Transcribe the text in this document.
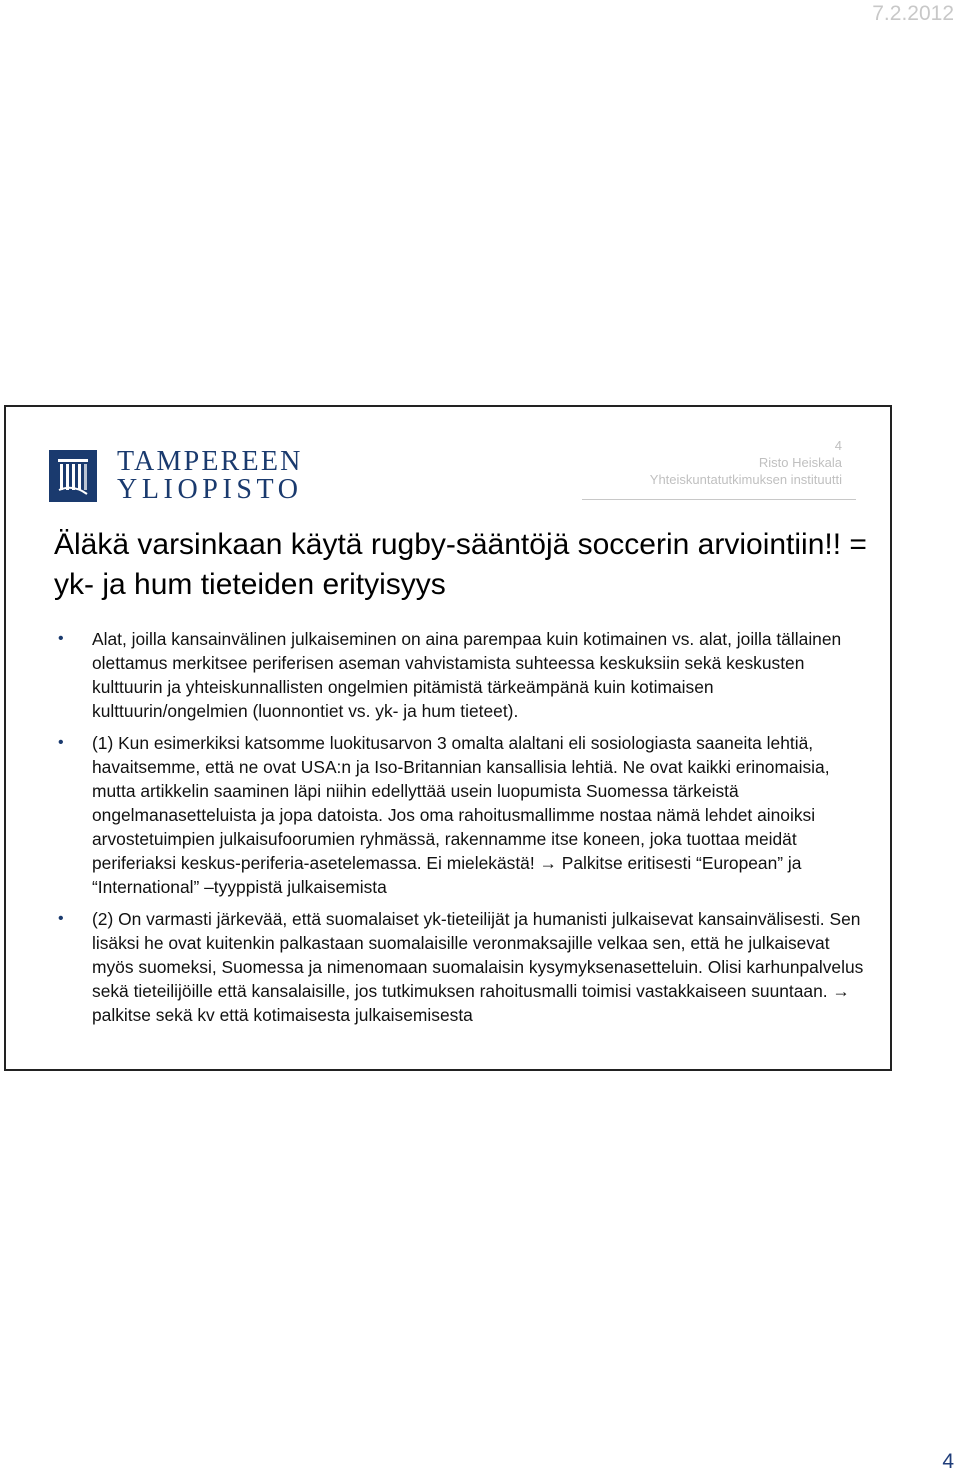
7.2.2012
TAMPEREEN
YLIOPISTO
4
Risto Heiskala
Yhteiskuntatutkimuksen instituutti
Äläkä varsinkaan käytä rugby-sääntöjä soccerin arviointiin!! = yk- ja hum tieteiden erityisyys
• Alat, joilla kansainvälinen julkaiseminen on aina parempaa kuin kotimainen vs. alat, joilla tällainen olettamus merkitsee periferisen aseman vahvistamista suhteessa keskuksiin sekä keskusten kulttuurin ja yhteiskunnallisten ongelmien pitämistä tärkeämpänä kuin kotimaisen kulttuurin/ongelmien (luonnontiet vs. yk- ja hum tieteet).
• (1) Kun esimerkiksi katsomme luokitusarvon 3 omalta alaltani eli sosiologiasta saaneita lehtiä, havaitsemme, että ne ovat USA:n ja Iso-Britannian kansallisia lehtiä. Ne ovat kaikki erinomaisia, mutta artikkelin saaminen läpi niihin edellyttää usein luopumista Suomessa tärkeistä ongelmanasetteluista ja jopa datoista. Jos oma rahoitusmallimme nostaa nämä lehdet ainoiksi arvostetuimpien julkaisufoorumien ryhmässä, rakennamme itse koneen, joka tuottaa meidät periferiaksi keskus-periferia-asetelemassa. Ei mielekästä! → Palkitse eritisesti “European” ja “International” –tyyppistä julkaisemista
• (2) On varmasti järkevää, että suomalaiset yk-tieteilijät ja humanisti julkaisevat kansainvälisesti. Sen lisäksi he ovat kuitenkin palkastaan suomalaisille veronmaksajille velkaa sen, että he julkaisevat myös suomeksi, Suomessa ja nimenomaan suomalaisin kysymyksenasetteluin. Olisi karhunpalvelus sekä tieteilijöille että kansalaisille, jos tutkimuksen rahoitusmalli toimisi vastakkaiseen suuntaan. → palkitse sekä kv että kotimaisesta julkaisemisesta
4
